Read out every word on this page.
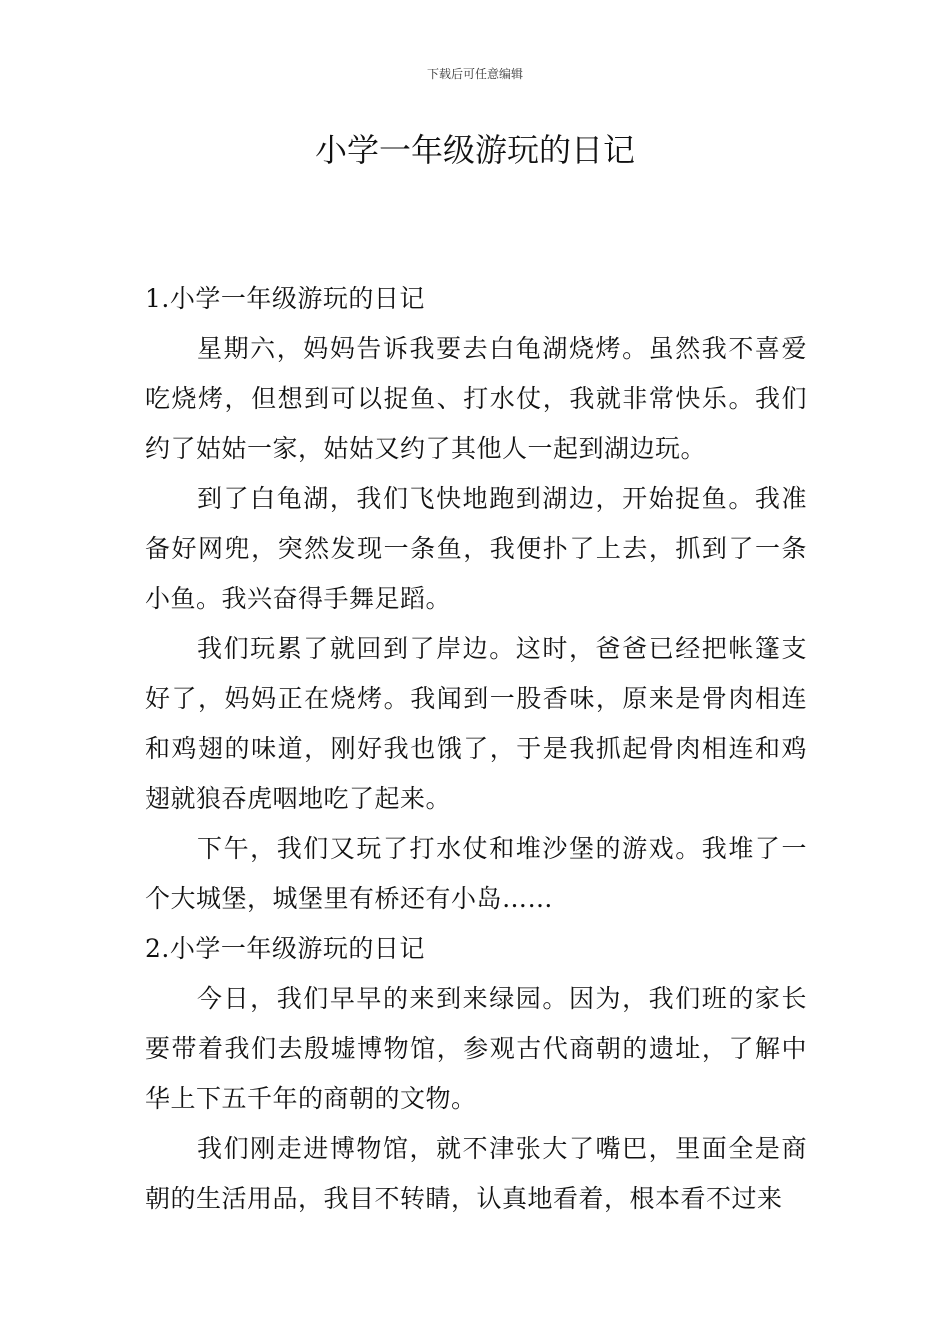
下载后可任意编辑
小学一年级游玩的日记
1.小学一年级游玩的日记

星期六，妈妈告诉我要去白龟湖烧烤。虽然我不喜爱吃烧烤，但想到可以捉鱼、打水仗，我就非常快乐。我们约了姑姑一家，姑姑又约了其他人一起到湖边玩。

到了白龟湖，我们飞快地跑到湖边，开始捉鱼。我准备好网兜，突然发现一条鱼，我便扑了上去，抓到了一条小鱼。我兴奋得手舞足蹈。

我们玩累了就回到了岸边。这时，爸爸已经把帐篷支好了，妈妈正在烧烤。我闻到一股香味，原来是骨肉相连和鸡翅的味道，刚好我也饿了，于是我抓起骨肉相连和鸡翅就狼吞虎咽地吃了起来。

下午，我们又玩了打水仗和堆沙堡的游戏。我堆了一个大城堡，城堡里有桥还有小岛……

2.小学一年级游玩的日记

今日，我们早早的来到来绿园。因为，我们班的家长要带着我们去殷墟博物馆，参观古代商朝的遗址，了解中华上下五千年的商朝的文物。

我们刚走进博物馆，就不津张大了嘴巴，里面全是商朝的生活用品，我目不转睛，认真地看着，根本看不过来
